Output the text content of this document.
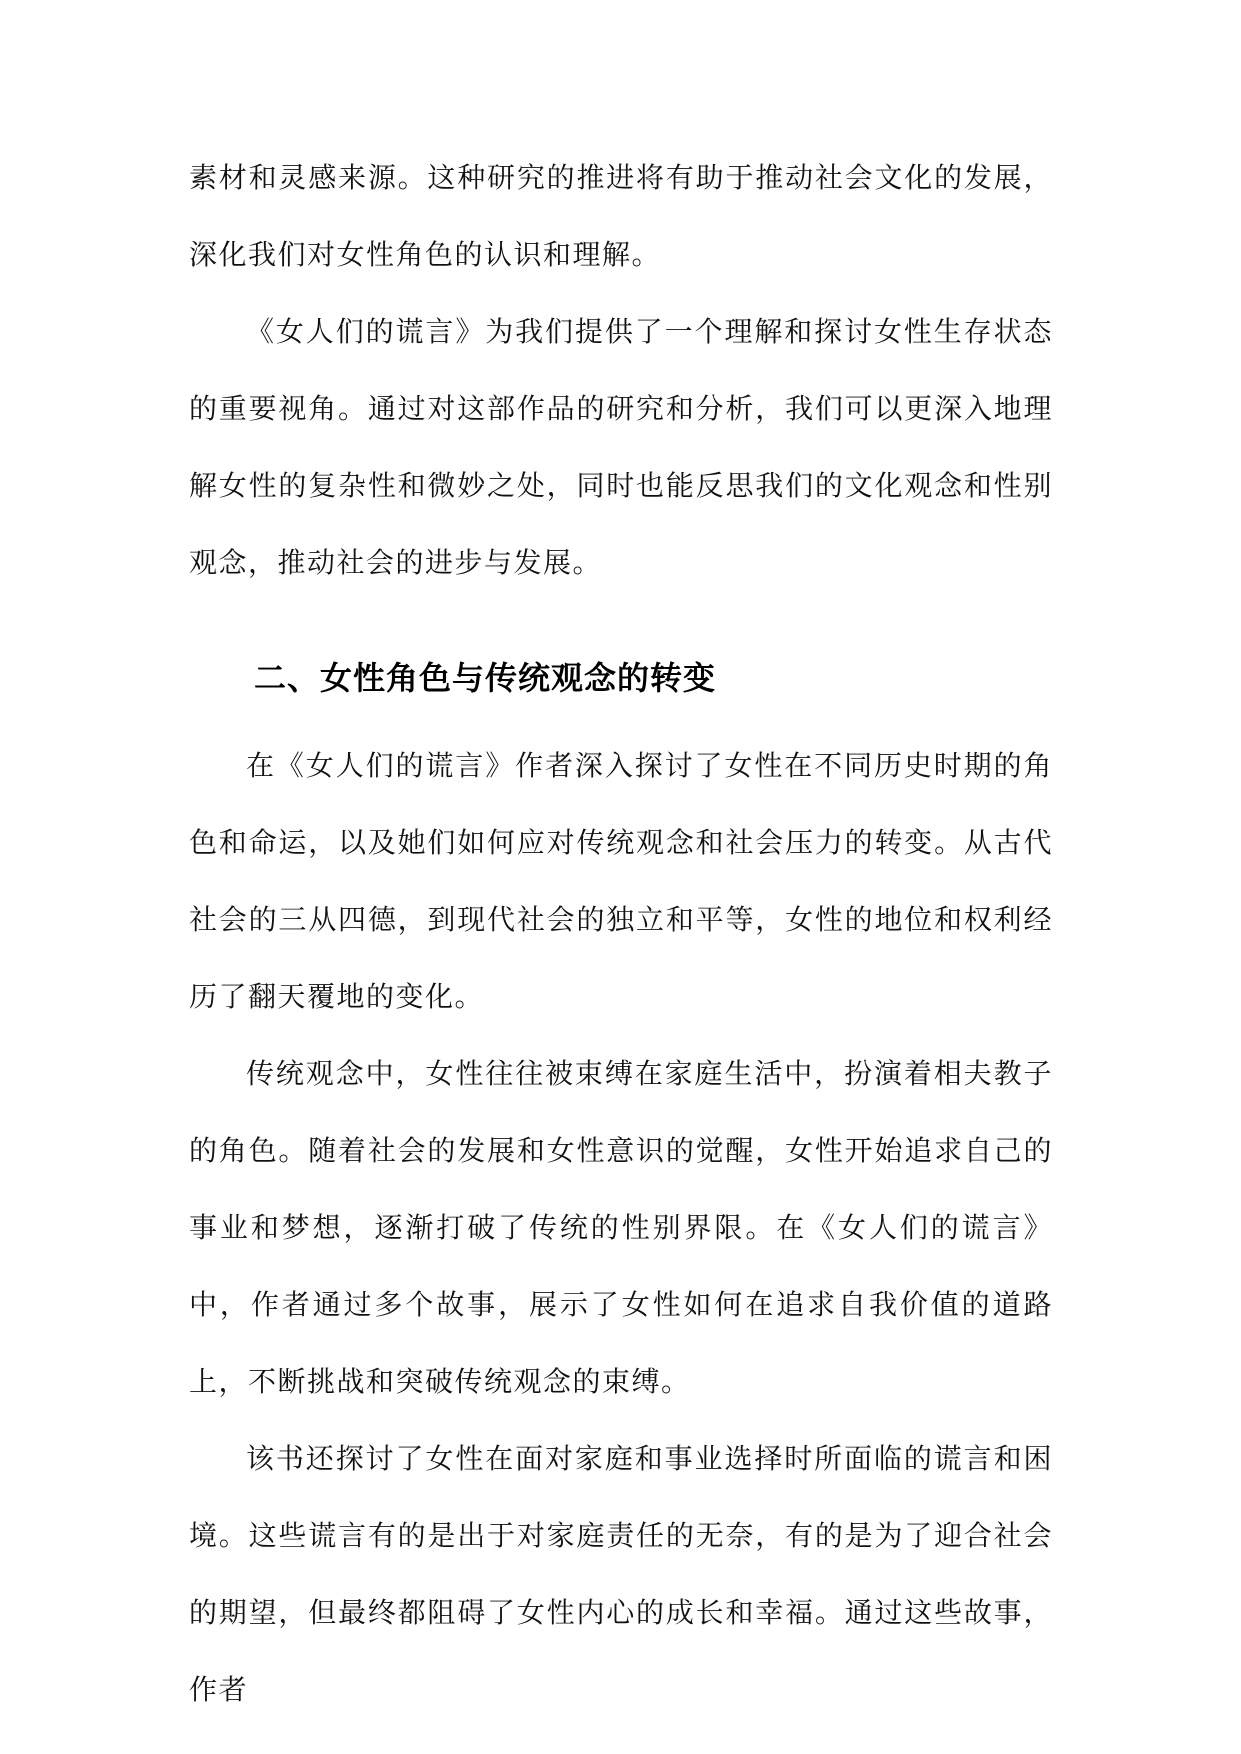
素材和灵感来源。这种研究的推进将有助于推动社会文化的发展，深化我们对女性角色的认识和理解。

《女人们的谎言》为我们提供了一个理解和探讨女性生存状态的重要视角。通过对这部作品的研究和分析，我们可以更深入地理解女性的复杂性和微妙之处，同时也能反思我们的文化观念和性别观念，推动社会的进步与发展。

二、女性角色与传统观念的转变

在《女人们的谎言》作者深入探讨了女性在不同历史时期的角色和命运，以及她们如何应对传统观念和社会压力的转变。从古代社会的三从四德，到现代社会的独立和平等，女性的地位和权利经历了翻天覆地的变化。

传统观念中，女性往往被束缚在家庭生活中，扮演着相夫教子的角色。随着社会的发展和女性意识的觉醒，女性开始追求自己的事业和梦想，逐渐打破了传统的性别界限。在《女人们的谎言》中，作者通过多个故事，展示了女性如何在追求自我价值的道路上，不断挑战和突破传统观念的束缚。

该书还探讨了女性在面对家庭和事业选择时所面临的谎言和困境。这些谎言有的是出于对家庭责任的无奈，有的是为了迎合社会的期望，但最终都阻碍了女性内心的成长和幸福。通过这些故事，作者
